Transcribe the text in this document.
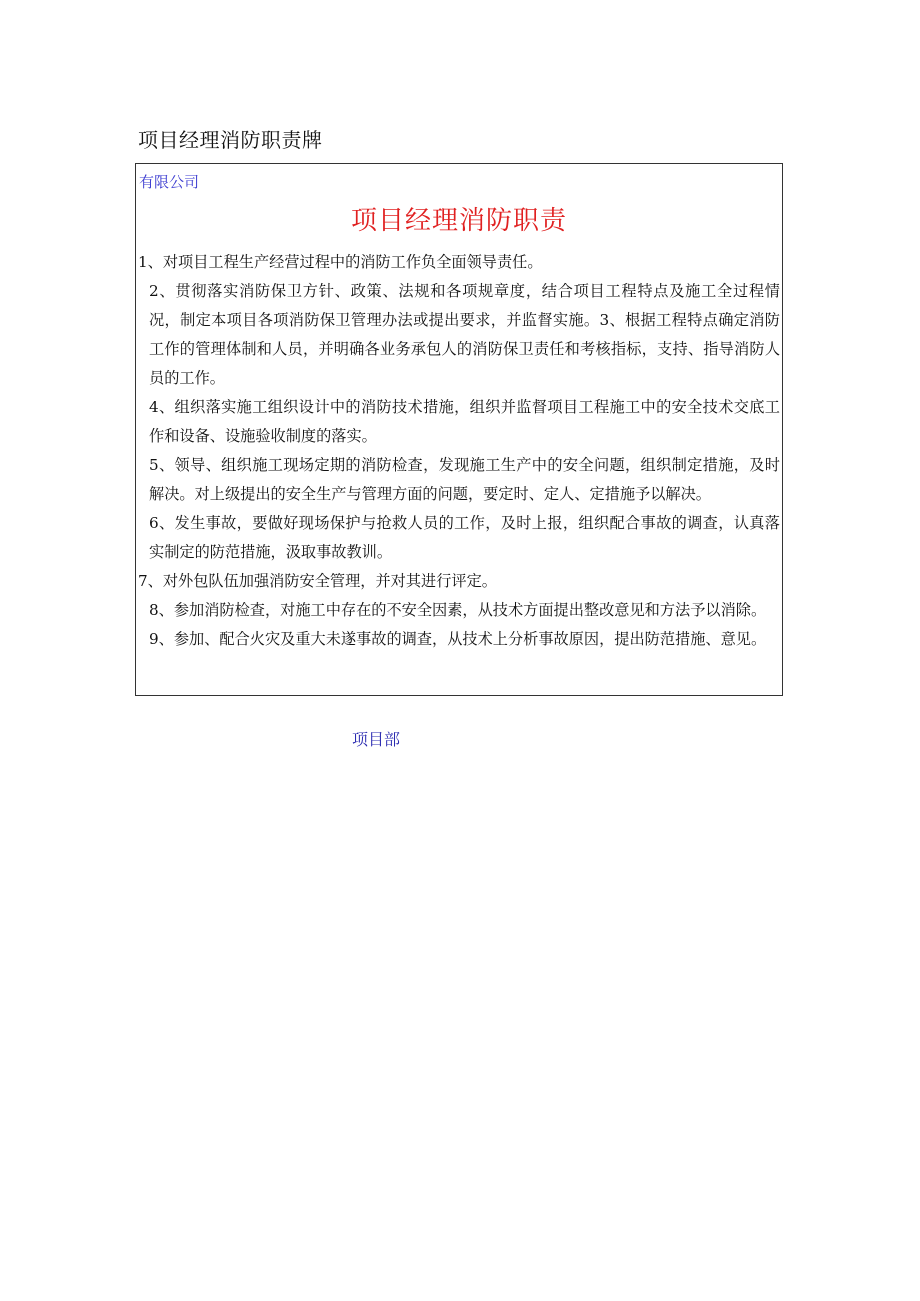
项目经理消防职责牌
有限公司
项目经理消防职责
1、对项目工程生产经营过程中的消防工作负全面领导责任。
2、贯彻落实消防保卫方针、政策、法规和各项规章度，结合项目工程特点及施工全过程情况，制定本项目各项消防保卫管理办法或提出要求，并监督实施。3、根据工程特点确定消防工作的管理体制和人员，并明确各业务承包人的消防保卫责任和考核指标，支持、指导消防人员的工作。
4、组织落实施工组织设计中的消防技术措施，组织并监督项目工程施工中的安全技术交底工作和设备、设施验收制度的落实。
5、领导、组织施工现场定期的消防检查，发现施工生产中的安全问题，组织制定措施，及时解决。对上级提出的安全生产与管理方面的问题，要定时、定人、定措施予以解决。
6、发生事故，要做好现场保护与抢救人员的工作，及时上报，组织配合事故的调查，认真落实制定的防范措施，汲取事故教训。
7、对外包队伍加强消防安全管理，并对其进行评定。
8、参加消防检查，对施工中存在的不安全因素，从技术方面提出整改意见和方法予以消除。
9、参加、配合火灾及重大未遂事故的调查，从技术上分析事故原因，提出防范措施、意见。
项目部
